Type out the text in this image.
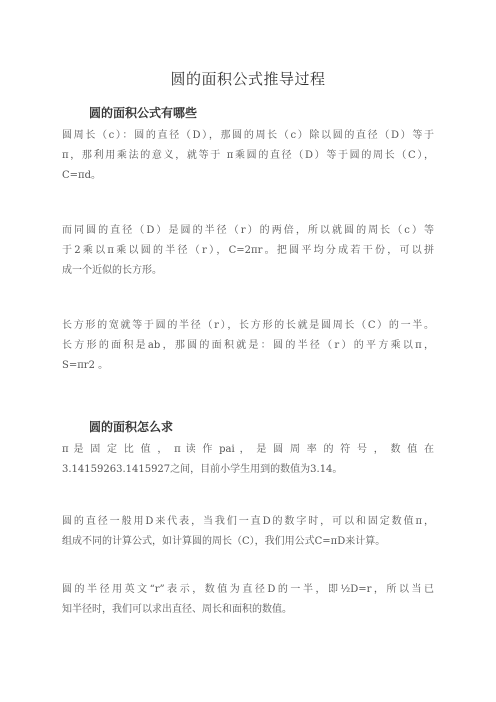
圆的面积公式推导过程
圆的面积公式有哪些
圆周长（c）：圆的直径（D），那圆的周长（c）除以圆的直径（D）等于
π，那利用乘法的意义，就等于 π乘圆的直径（D）等于圆的周长（C），
C=πd。
而同圆的直径（D）是圆的半径（r）的两倍，所以就圆的周长（c）等
于2乘以π乘以圆的半径（r），C=2πr。把圆平均分成若干份，可以拼
成一个近似的长方形。
长方形的宽就等于圆的半径（r），长方形的长就是圆周长（C）的一半。
长方形的面积是ab，那圆的面积就是：圆的半径（r）的平方乘以π，
S=πr2 。
圆的面积怎么求
π 是 固 定 比 值 ， π 读 作 pai ， 是 圆 周 率 的 符 号 ， 数 值 在
3.14159263.1415927之间，目前小学生用到的数值为3.14。
圆的直径一般用D来代表，当我们一直D的数字时，可以和固定数值π，
组成不同的计算公式，如计算圆的周长（C），我们用公式C=πD来计算。
圆的半径用英文“r”表示，数值为直径D的一半，即½D=r，所以当已
知半径时，我们可以求出直径、周长和面积的数值。
